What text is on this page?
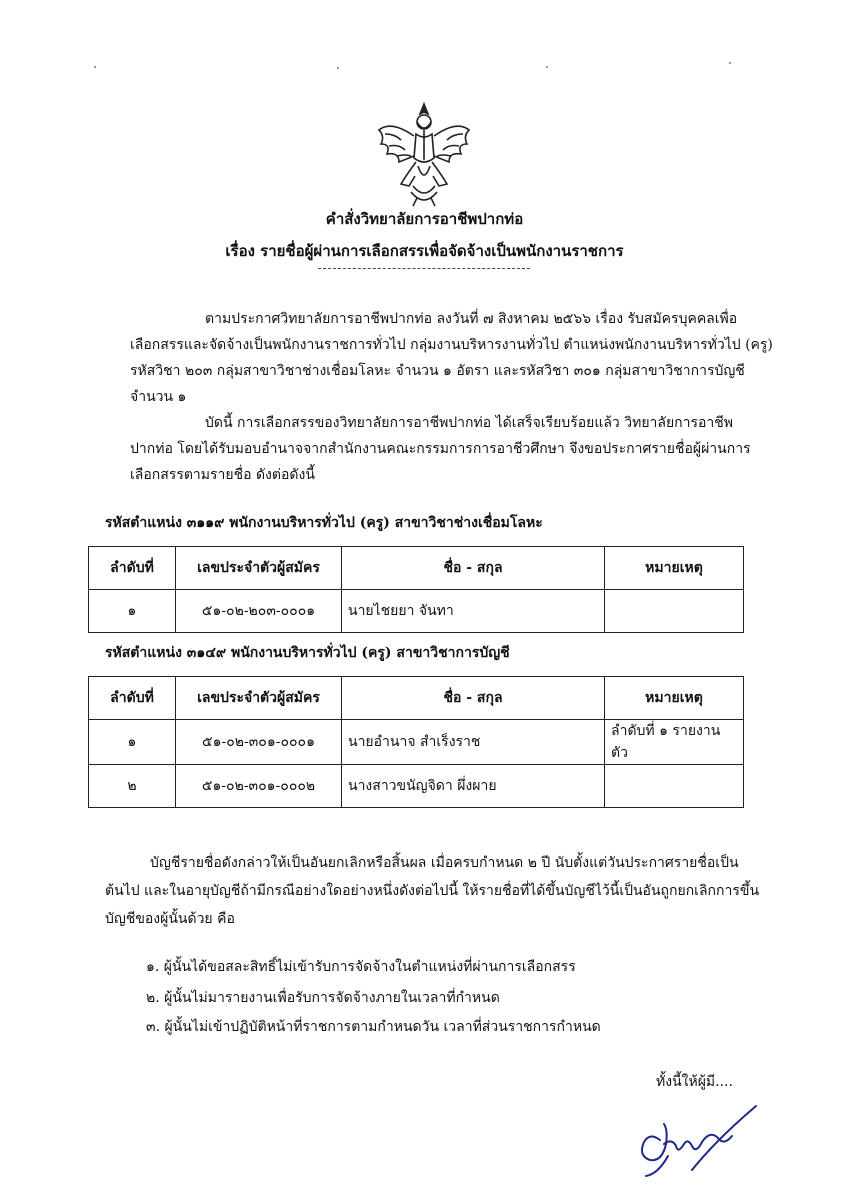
คำสั่งวิทยาลัยการอาชีพปากท่อ
เรื่อง รายชื่อผู้ผ่านการเลือกสรรเพื่อจัดจ้างเป็นพนักงานราชการ
ตามประกาศวิทยาลัยการอาชีพปากท่อ ลงวันที่ ๗ สิงหาคม ๒๕๖๖ เรื่อง รับสมัครบุคคลเพื่อ
เลือกสรรและจัดจ้างเป็นพนักงานราชการทั่วไป กลุ่มงานบริหารงานทั่วไป ตำแหน่งพนักงานบริหารทั่วไป (ครู)
รหัสวิชา ๒๐๓ กลุ่มสาขาวิชาช่างเชื่อมโลหะ จำนวน ๑ อัตรา และรหัสวิชา ๓๐๑ กลุ่มสาขาวิชาการบัญชี
จำนวน ๑
บัดนี้ การเลือกสรรของวิทยาลัยการอาชีพปากท่อ ได้เสร็จเรียบร้อยแล้ว วิทยาลัยการอาชีพ
ปากท่อ โดยได้รับมอบอำนาจจากสำนักงานคณะกรรมการการอาชีวศึกษา จึงขอประกาศรายชื่อผู้ผ่านการ
เลือกสรรตามรายชื่อ ดังต่อดังนี้
รหัสตำแหน่ง ๓๑๑๙ พนักงานบริหารทั่วไป (ครู) สาขาวิชาช่างเชื่อมโลหะ
ลำดับที่	เลขประจำตัวผู้สมัคร	ชื่อ - สกุล	หมายเหตุ
๑	๕๑-๐๒-๒๐๓-๐๐๐๑	นายไชยยา จันทา	
รหัสตำแหน่ง ๓๑๔๙ พนักงานบริหารทั่วไป (ครู) สาขาวิชาการบัญชี
ลำดับที่	เลขประจำตัวผู้สมัคร	ชื่อ - สกุล	หมายเหตุ
๑	๕๑-๐๒-๓๐๑-๐๐๐๑	นายอำนาจ สำเร็งราช	ลำดับที่ ๑ รายงานตัว
๒	๕๑-๐๒-๓๐๑-๐๐๐๒	นางสาวขนัญจิดา ผึ่งผาย	
บัญชีรายชื่อดังกล่าวให้เป็นอันยกเลิกหรือสิ้นผล เมื่อครบกำหนด ๒ ปี นับตั้งแต่วันประกาศรายชื่อเป็น
ต้นไป และในอายุบัญชีถ้ามีกรณีอย่างใดอย่างหนึ่งดังต่อไปนี้ ให้รายชื่อที่ได้ขึ้นบัญชีไว้นี้เป็นอันถูกยกเลิกการขึ้น
บัญชีของผู้นั้นด้วย คือ
๑. ผู้นั้นได้ขอสละสิทธิ์ไม่เข้ารับการจัดจ้างในตำแหน่งที่ผ่านการเลือกสรร
๒. ผู้นั้นไม่มารายงานเพื่อรับการจัดจ้างภายในเวลาที่กำหนด
๓. ผู้นั้นไม่เข้าปฏิบัติหน้าที่ราชการตามกำหนดวัน เวลาที่ส่วนราชการกำหนด
ทั้งนี้ให้ผู้มี....
